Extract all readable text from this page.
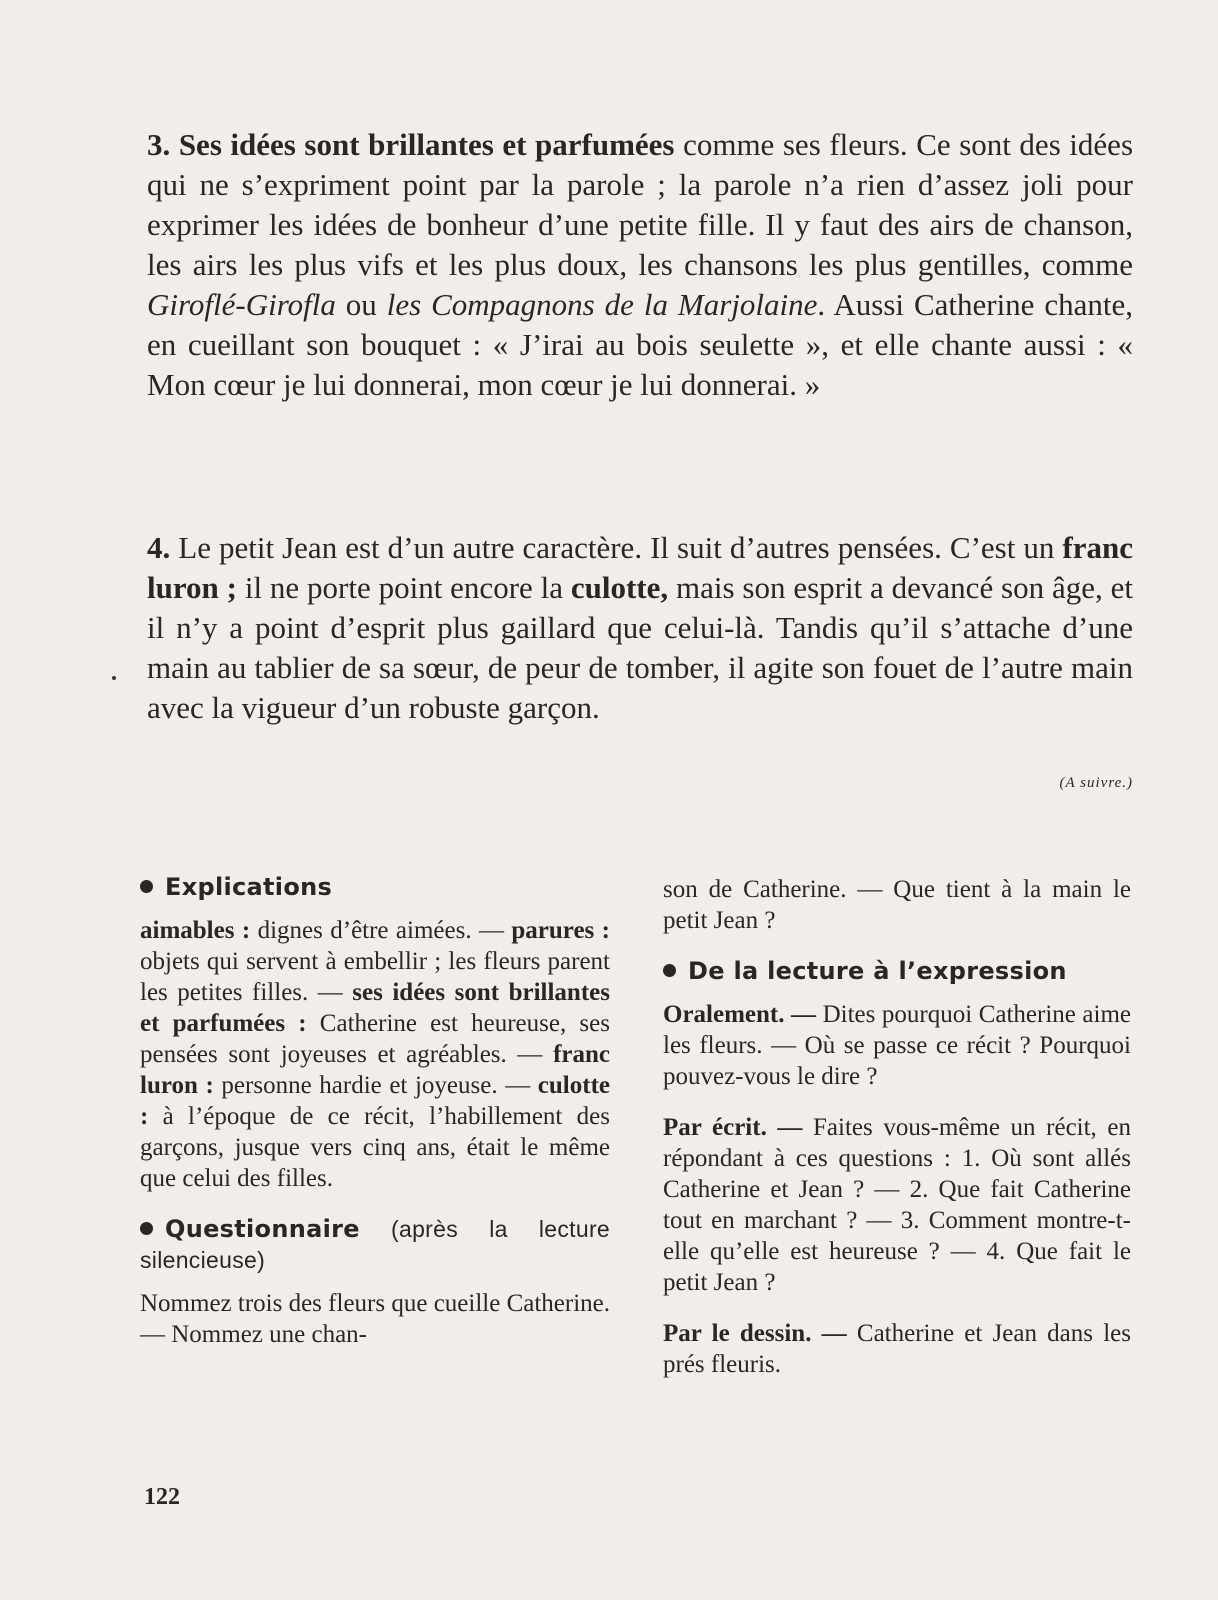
3. Ses idées sont brillantes et parfumées comme ses fleurs. Ce sont des idées qui ne s’expriment point par la parole ; la parole n’a rien d’assez joli pour exprimer les idées de bonheur d’une petite fille. Il y faut des airs de chanson, les airs les plus vifs et les plus doux, les chansons les plus gentilles, comme Giroflé-Girofla ou les Compagnons de la Marjolaine. Aussi Catherine chante, en cueillant son bouquet : « J’irai au bois seulette », et elle chante aussi : « Mon cœur je lui donnerai, mon cœur je lui donnerai. »
4. Le petit Jean est d’un autre caractère. Il suit d’autres pensées. C’est un franc luron ; il ne porte point encore la culotte, mais son esprit a devancé son âge, et il n’y a point d’esprit plus gaillard que celui-là. Tandis qu’il s’attache d’une main au tablier de sa sœur, de peur de tomber, il agite son fouet de l’autre main avec la vigueur d’un robuste garçon.
(A suivre.)
Explications
aimables : dignes d’être aimées. — parures : objets qui servent à embellir ; les fleurs parent les petites filles. — ses idées sont brillantes et parfumées : Catherine est heureuse, ses pensées sont joyeuses et agréables. — franc luron : personne hardie et joyeuse. — culotte : à l’époque de ce récit, l’habillement des garçons, jusque vers cinq ans, était le même que celui des filles.
Questionnaire (après la lecture silencieuse)
Nommez trois des fleurs que cueille Catherine. — Nommez une chan-
son de Catherine. — Que tient à la main le petit Jean ?
De la lecture à l’expression
Oralement. — Dites pourquoi Catherine aime les fleurs. — Où se passe ce récit ? Pourquoi pouvez-vous le dire ?
Par écrit. — Faites vous-même un récit, en répondant à ces questions : 1. Où sont allés Catherine et Jean ? — 2. Que fait Catherine tout en marchant ? — 3. Comment montre-t-elle qu’elle est heureuse ? — 4. Que fait le petit Jean ?
Par le dessin. — Catherine et Jean dans les prés fleuris.
122
